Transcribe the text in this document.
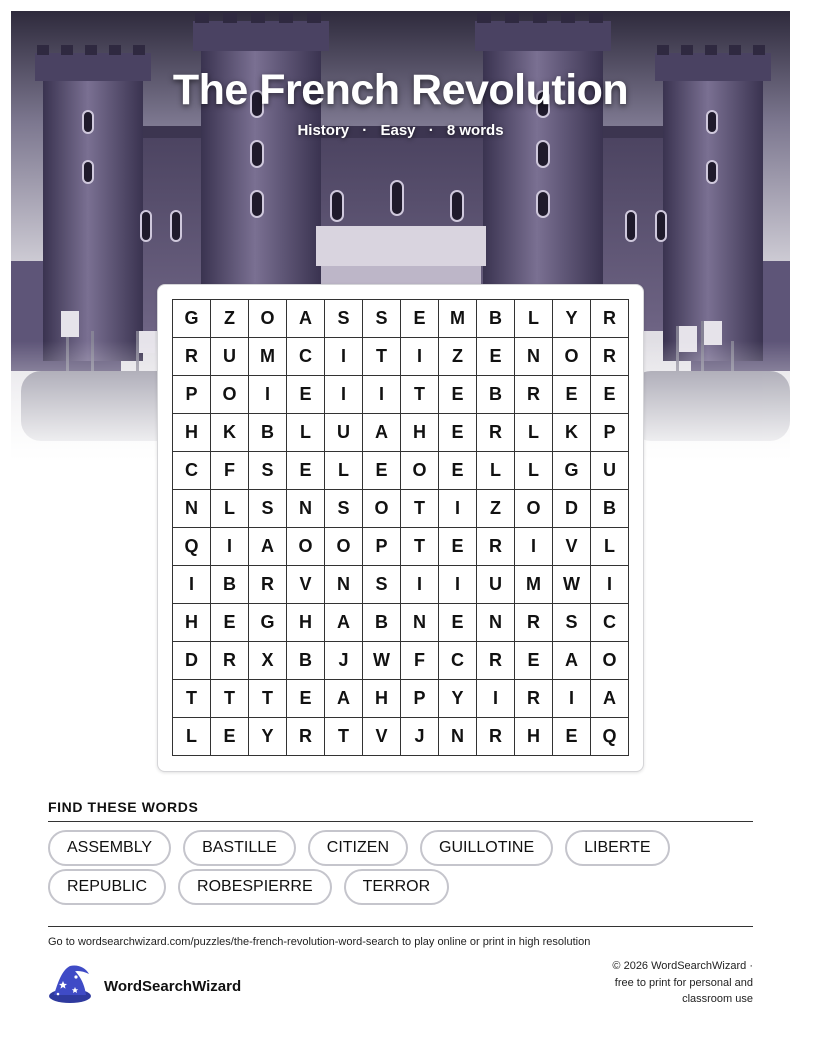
The French Revolution
History · Easy · 8 words
G	Z	O	A	S	S	E	M	B	L	Y	R
R	U	M	C	I	T	I	Z	E	N	O	R
P	O	I	E	I	I	T	E	B	R	E	E
H	K	B	L	U	A	H	E	R	L	K	P
C	F	S	E	L	E	O	E	L	L	G	U
N	L	S	N	S	O	T	I	Z	O	D	B
Q	I	A	O	O	P	T	E	R	I	V	L
I	B	R	V	N	S	I	I	U	M	W	I
H	E	G	H	A	B	N	E	N	R	S	C
D	R	X	B	J	W	F	C	R	E	A	O
T	T	T	E	A	H	P	Y	I	R	I	A
L	E	Y	R	T	V	J	N	R	H	E	Q
FIND THESE WORDS
ASSEMBLY	BASTILLE	CITIZEN	GUILLOTINE	LIBERTE
REPUBLIC	ROBESPIERRE	TERROR
Go to wordsearchwizard.com/puzzles/the-french-revolution-word-search to play online or print in high resolution
WordSearchWizard
© 2026 WordSearchWizard ·
free to print for personal and
classroom use
